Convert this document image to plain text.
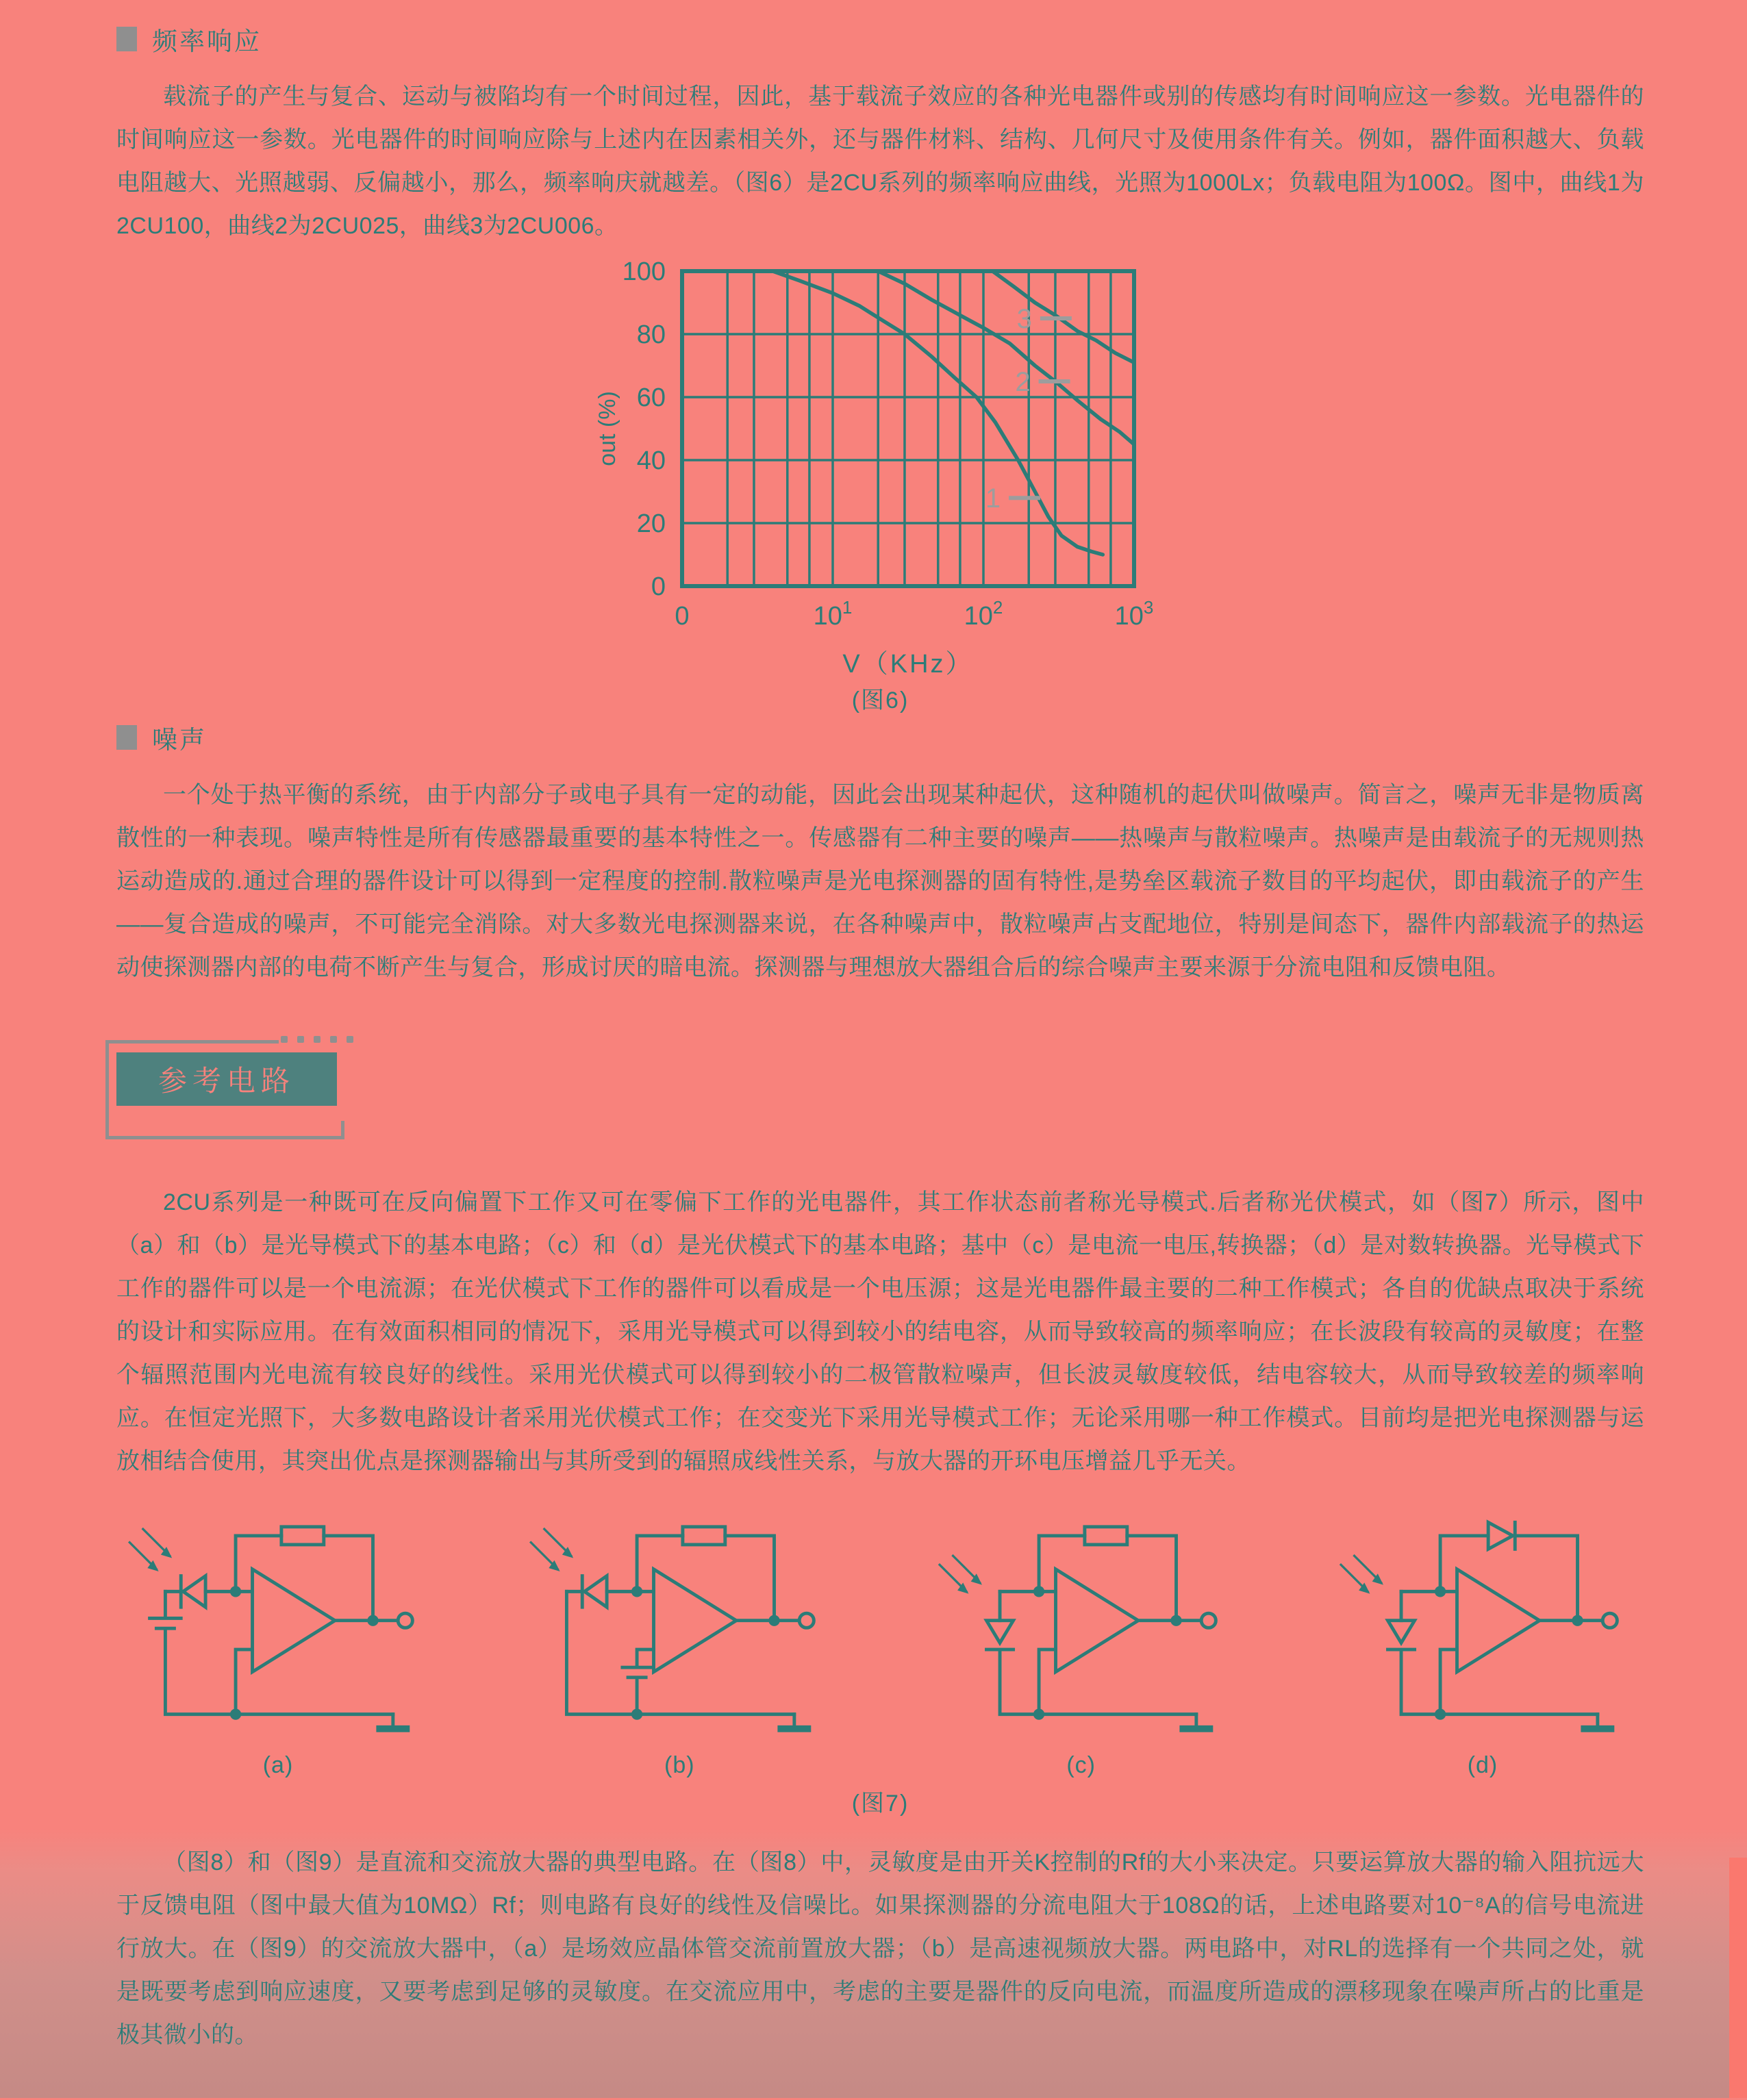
频率响应

载流子的产生与复合、运动与被陷均有一个时间过程，因此，基于载流子效应的各种光电器件或别的传感均有时间响应这一参数。光电器件的时间响应这一参数。光电器件的时间响应除与上述内在因素相关外，还与器件材料、结构、几何尺寸及使用条件有关。例如，器件面积越大、负载电阻越大、光照越弱、反偏越小，那么，频率响庆就越差。（图6）是2CU系列的频率响应曲线，光照为1000Lx；负载电阻为100Ω。图中，曲线1为2CU100，曲线2为2CU025，曲线3为2CU006。

0
20
40
60
80
100
0	$10^1$	$10^2$	$10^3$
V（KHz）
out (%)
1
2
3
(图6)
噪声

一个处于热平衡的系统，由于内部分子或电子具有一定的动能，因此会出现某种起伏，这种随机的起伏叫做噪声。简言之，噪声无非是物质离散性的一种表现。噪声特性是所有传感器最重要的基本特性之一。传感器有二种主要的噪声——热噪声与散粒噪声。热噪声是由载流子的无规则热运动造成的.通过合理的器件设计可以得到一定程度的控制.散粒噪声是光电探测器的固有特性,是势垒区载流子数目的平均起伏，即由载流子的产生——复合造成的噪声，不可能完全消除。对大多数光电探测器来说，在各种噪声中，散粒噪声占支配地位，特别是间态下，器件内部载流子的热运动使探测器内部的电荷不断产生与复合，形成讨厌的暗电流。探测器与理想放大器组合后的综合噪声主要来源于分流电阻和反馈电阻。

参考电路

2CU系列是一种既可在反向偏置下工作又可在零偏下工作的光电器件，其工作状态前者称光导模式.后者称光伏模式，如（图7）所示，图中（a）和（b）是光导模式下的基本电路；（c）和（d）是光伏模式下的基本电路；基中（c）是电流一电压,转换器；（d）是对数转换器。光导模式下工作的器件可以是一个电流源；在光伏模式下工作的器件可以看成是一个电压源；这是光电器件最主要的二种工作模式；各自的优缺点取决于系统的设计和实际应用。在有效面积相同的情况下，采用光导模式可以得到较小的结电容，从而导致较高的频率响应；在长波段有较高的灵敏度；在整个辐照范围内光电流有较良好的线性。采用光伏模式可以得到较小的二极管散粒噪声，但长波灵敏度较低，结电容较大，从而导致较差的频率响应。在恒定光照下，大多数电路设计者采用光伏模式工作；在交变光下采用光导模式工作；无论采用哪一种工作模式。目前均是把光电探测器与运放相结合使用，其突出优点是探测器输出与其所受到的辐照成线性关系，与放大器的开环电压增益几乎无关。

(a)	(b)	(c)	(d)
(图7)

（图8）和（图9）是直流和交流放大器的典型电路。在（图8）中，灵敏度是由开关K控制的Rf的大小来决定。只要运算放大器的输入阻抗远大于反馈电阻（图中最大值为10MΩ）Rf；则电路有良好的线性及信噪比。如果探测器的分流电阻大于108Ω的话，上述电路要对10⁻⁸A的信号电流进行放大。在（图9）的交流放大器中，（a）是场效应晶体管交流前置放大器；（b）是高速视频放大器。两电路中，对RL的选择有一个共同之处，就是既要考虑到响应速度，又要考虑到足够的灵敏度。在交流应用中，考虑的主要是器件的反向电流，而温度所造成的漂移现象在噪声所占的比重是极其微小的。
